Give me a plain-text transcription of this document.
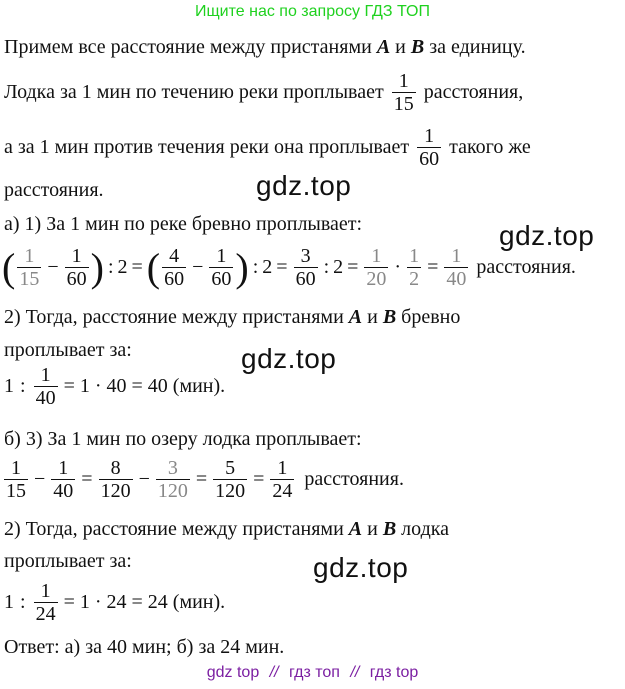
Ищите нас по запросу ГДЗ ТОП
gdz.top
gdz.top
gdz.top
gdz.top
Примем все расстояние между пристанями A и B за единицу.
Лодка за 1 мин по течению реки проплывает $\frac{1}{15}$ расстояния,
а за 1 мин против течения реки она проплывает $\frac{1}{60}$ такого же
расстояния.
а) 1) За 1 мин по реке бревно проплывает:
( $\frac{1}{15} - \frac{1}{60}$ ) : 2 = ( $\frac{4}{60} - \frac{1}{60}$ ) : $2 = \frac{3}{60}$ : $2 = \frac{1}{20} \cdot \frac{1}{2} = \frac{1}{40}$ расстояния.
2) Тогда, расстояние между пристанями A и B бревно
проплывает за:
1 : $\frac{1}{40} = 1 \cdot 40 = 40$ (мин).
б) 3) За 1 мин по озеру лодка проплывает:
$\frac{1}{15} - \frac{1}{40} = \frac{8}{120} - \frac{3}{120} = \frac{5}{120} = \frac{1}{24}$ расстояния.
2) Тогда, расстояние между пристанями A и B лодка
проплывает за:
1 : $\frac{1}{24} = 1 \cdot 24 = 24$ (мин).
Ответ: а) за 40 мин; б) за 24 мин.
gdz top // гдз топ // гдз top
